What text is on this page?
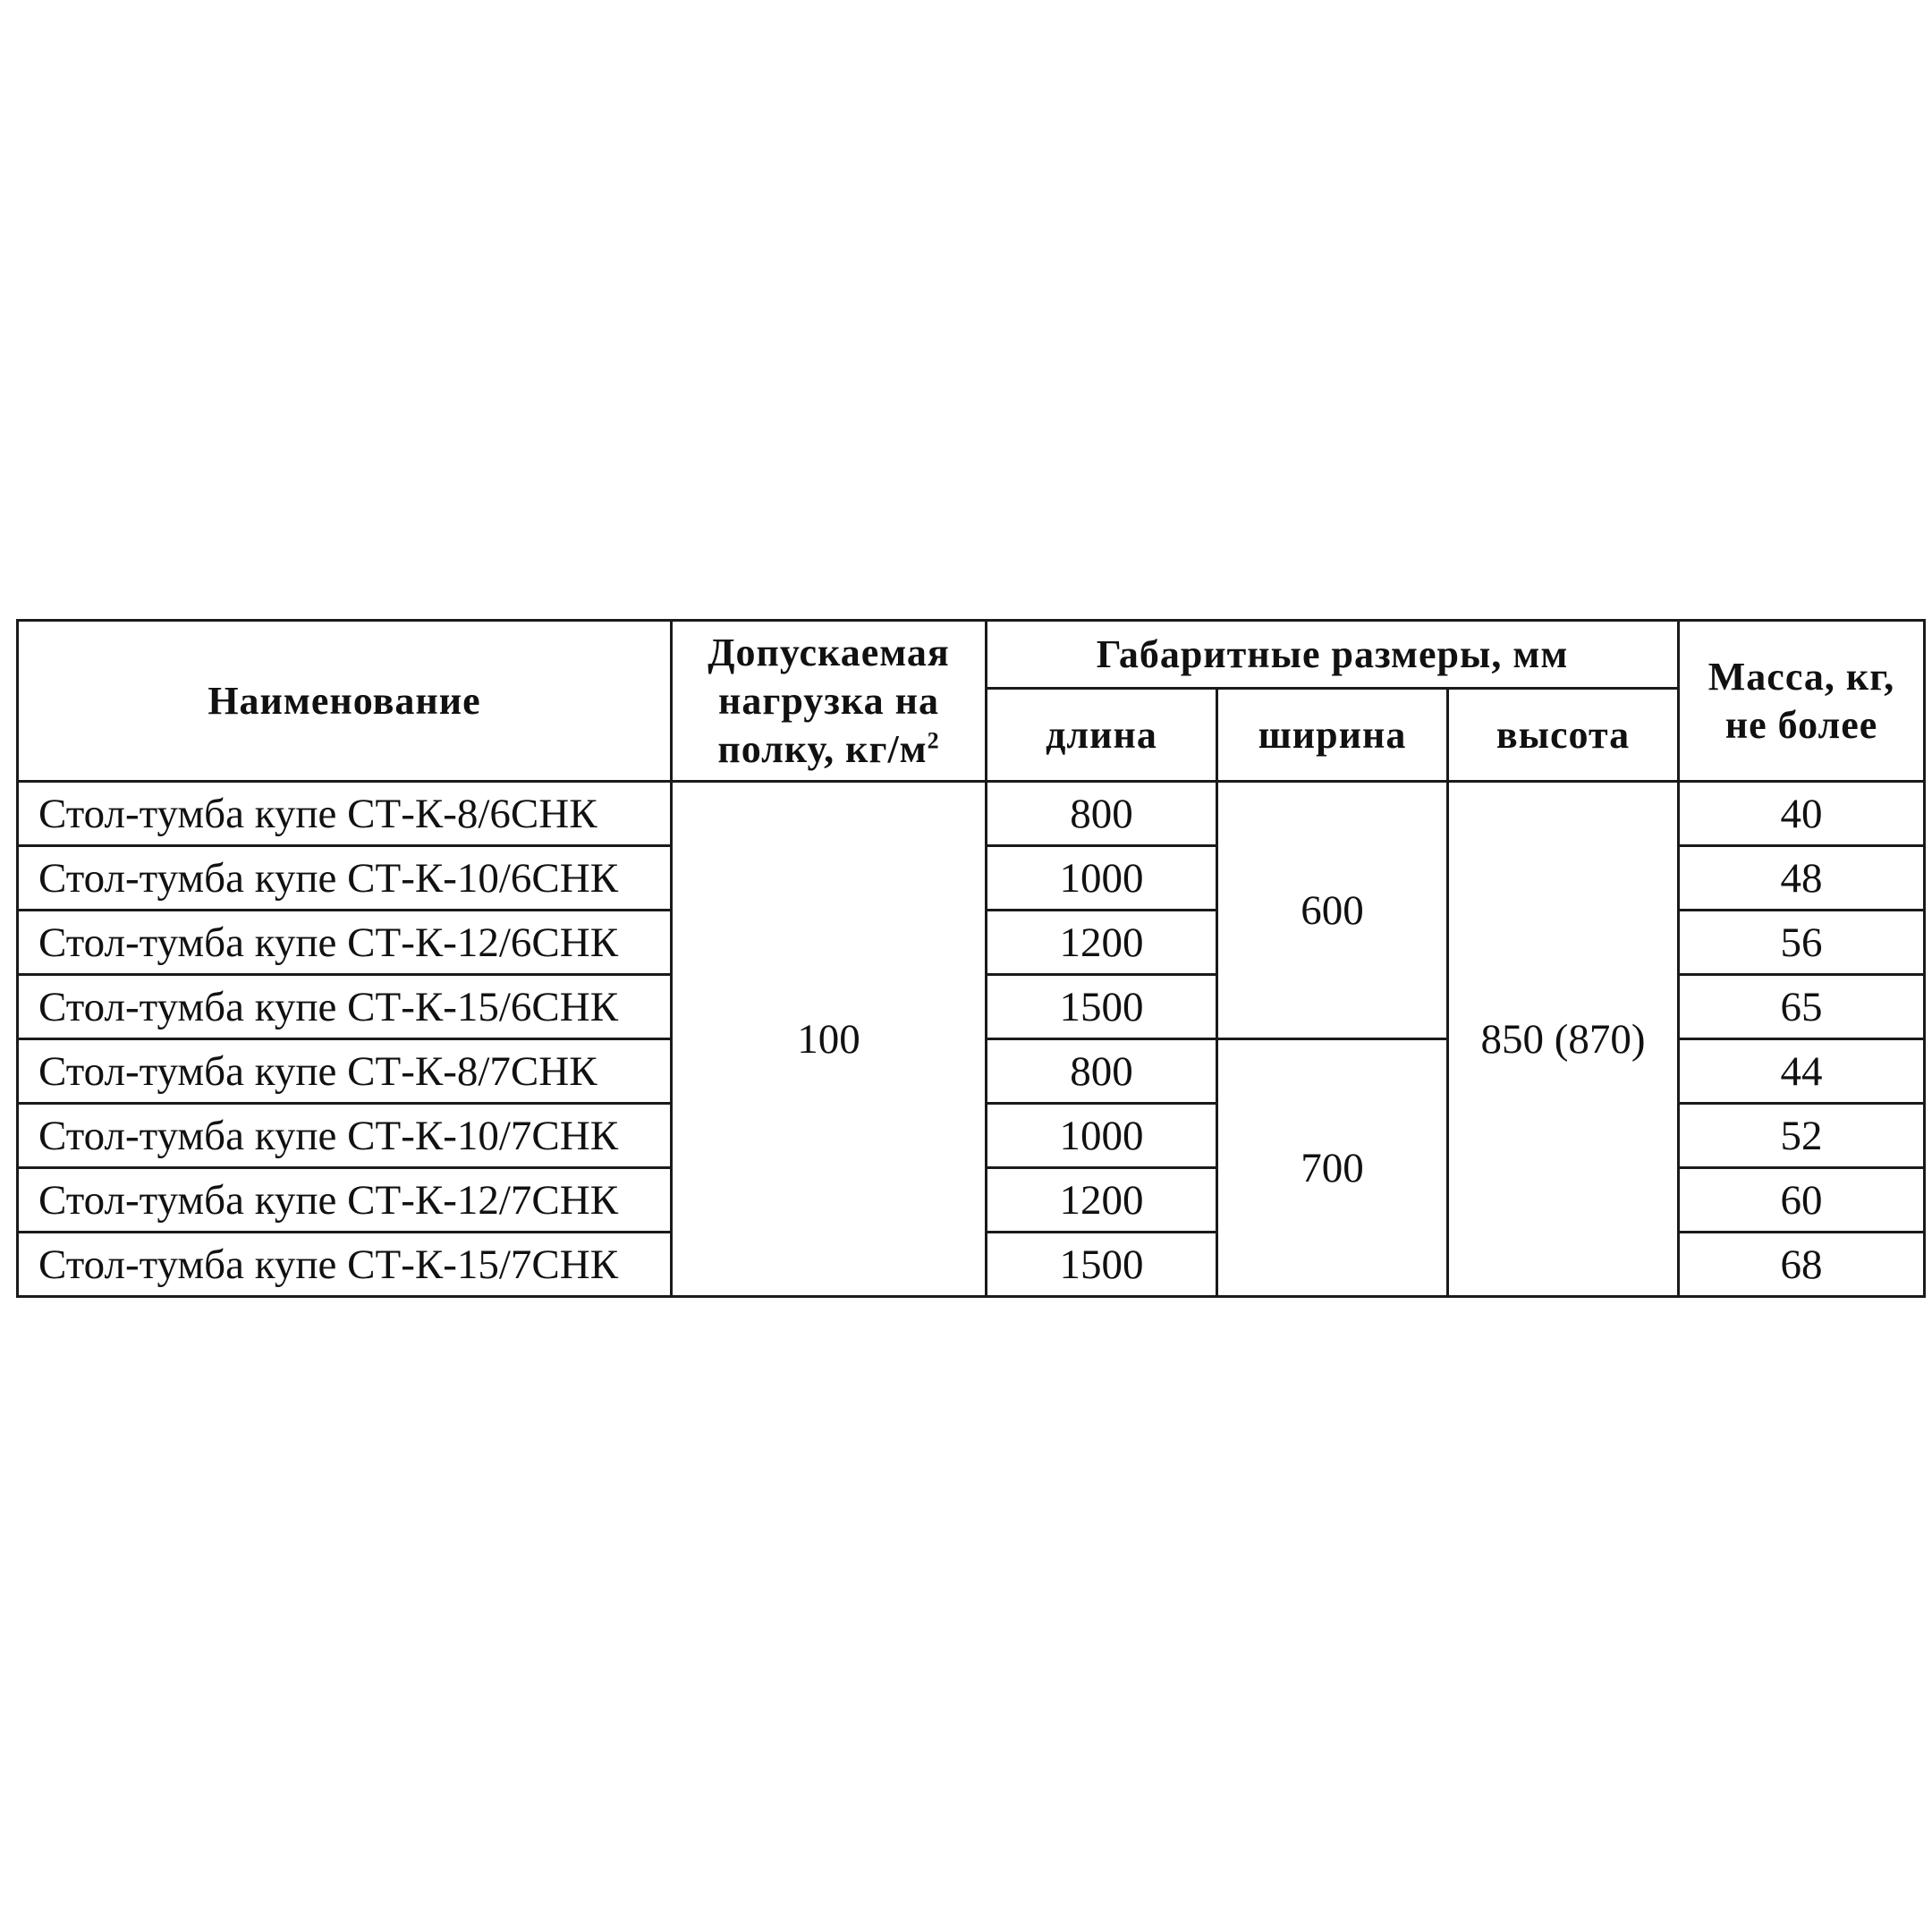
Наименование	Допускаемая нагрузка на полку, $кг/м^2$	Габаритные размеры, мм			Масса, кг, не более
		длина	ширина	высота	
Стол-тумба купе СТ-К-8/6СНК	100	800	600	850 (870)	40
Стол-тумба купе СТ-К-10/6СНК		1000			48
Стол-тумба купе СТ-К-12/6СНК		1200			56
Стол-тумба купе СТ-К-15/6СНК		1500			65
Стол-тумба купе СТ-К-8/7СНК		800	700		44
Стол-тумба купе СТ-К-10/7СНК		1000			52
Стол-тумба купе СТ-К-12/7СНК		1200			60
Стол-тумба купе СТ-К-15/7СНК		1500			68
